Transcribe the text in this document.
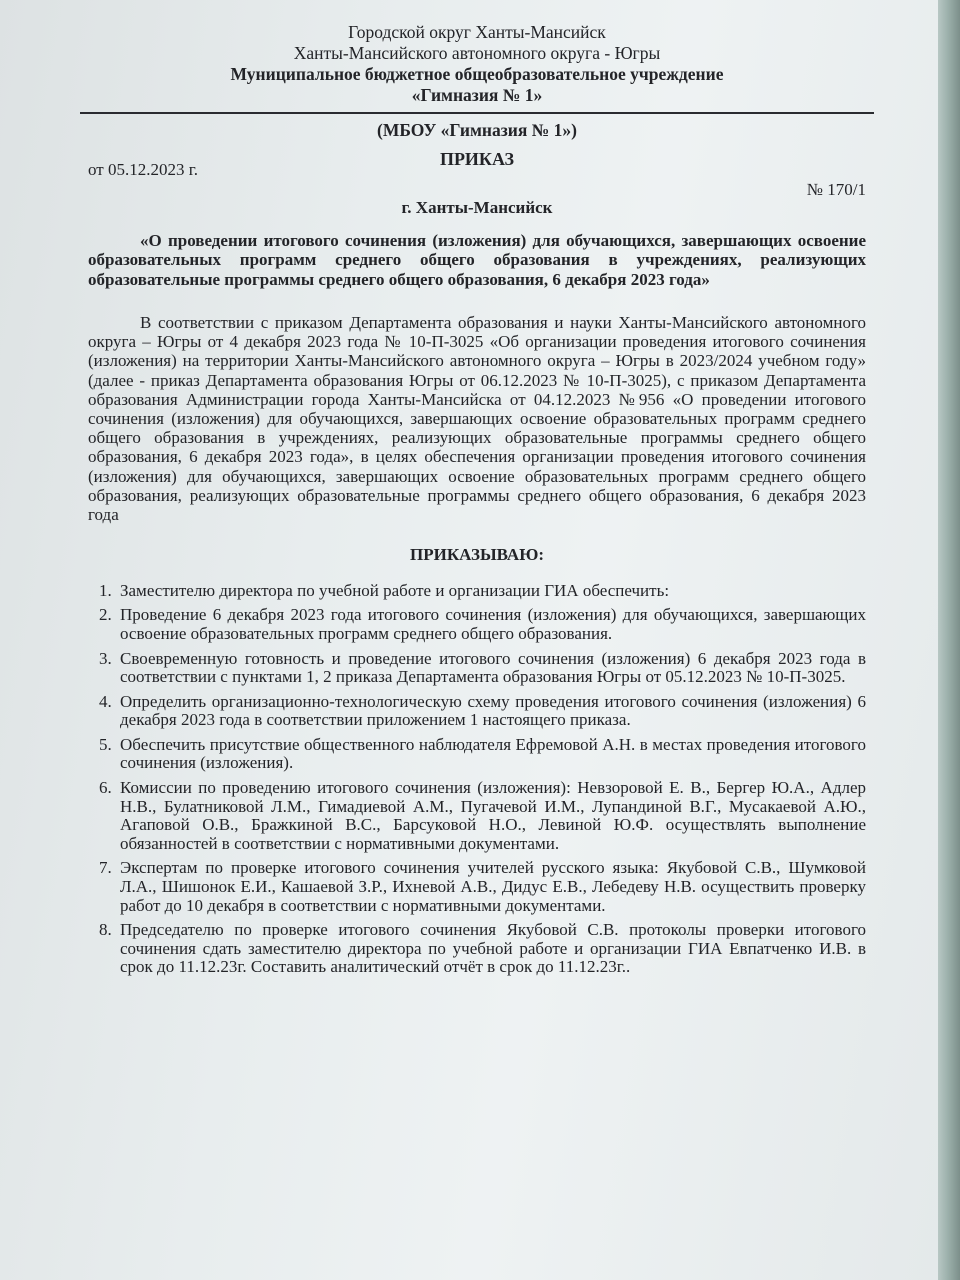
Городской округ Ханты-Мансийск
Ханты-Мансийского автономного округа - Югры
Муниципальное бюджетное общеобразовательное учреждение
«Гимназия № 1»
(МБОУ «Гимназия № 1»)
ПРИКАЗ
от 05.12.2023 г.
№ 170/1
г. Ханты-Мансийск

«О проведении итогового сочинения (изложения) для обучающихся, завершающих освоение образовательных программ среднего общего образования в учреждениях, реализующих образовательные программы среднего общего образования, 6 декабря 2023 года»

В соответствии с приказом Департамента образования и науки Ханты-Мансийского автономного округа – Югры от 4 декабря 2023 года № 10-П-3025 «Об организации проведения итогового сочинения (изложения) на территории Ханты-Мансийского автономного округа – Югры в 2023/2024 учебном году» (далее - приказ Департамента образования Югры от 06.12.2023 № 10-П-3025), с приказом Департамента образования Администрации города Ханты-Мансийска от 04.12.2023 №956 «О проведении итогового сочинения (изложения) для обучающихся, завершающих освоение образовательных программ среднего общего образования в учреждениях, реализующих образовательные программы среднего общего образования, 6 декабря 2023 года», в целях обеспечения организации проведения итогового сочинения (изложения) для обучающихся, завершающих освоение образовательных программ среднего общего образования, реализующих образовательные программы среднего общего образования, 6 декабря 2023 года

ПРИКАЗЫВАЮ:
1. Заместителю директора по учебной работе и организации ГИА обеспечить:
2. Проведение 6 декабря 2023 года итогового сочинения (изложения) для обучающихся, завершающих освоение образовательных программ среднего общего образования.
3. Своевременную готовность и проведение итогового сочинения (изложения) 6 декабря 2023 года в соответствии с пунктами 1, 2 приказа Департамента образования Югры от 05.12.2023 № 10-П-3025.
4. Определить организационно-технологическую схему проведения итогового сочинения (изложения) 6 декабря 2023 года в соответствии приложением 1 настоящего приказа.
5. Обеспечить присутствие общественного наблюдателя Ефремовой А.Н. в местах проведения итогового сочинения (изложения).
6. Комиссии по проведению итогового сочинения (изложения): Невзоровой Е. В., Бергер Ю.А., Адлер Н.В., Булатниковой Л.М., Гимадиевой А.М., Пугачевой И.М., Лупандиной В.Г., Мусакаевой А.Ю., Агаповой О.В., Бражкиной В.С., Барсуковой Н.О., Левиной Ю.Ф. осуществлять выполнение обязанностей в соответствии с нормативными документами.
7. Экспертам по проверке итогового сочинения учителей русского языка: Якубовой С.В., Шумковой Л.А., Шишонок Е.И., Кашаевой З.Р., Ихневой А.В., Дидус Е.В., Лебедеву Н.В. осуществить проверку работ до 10 декабря в соответствии с нормативными документами.
8. Председателю по проверке итогового сочинения Якубовой С.В. протоколы проверки итогового сочинения сдать заместителю директора по учебной работе и организации ГИА Евпатченко И.В. в срок до 11.12.23г. Составить аналитический отчёт в срок до 11.12.23г..
